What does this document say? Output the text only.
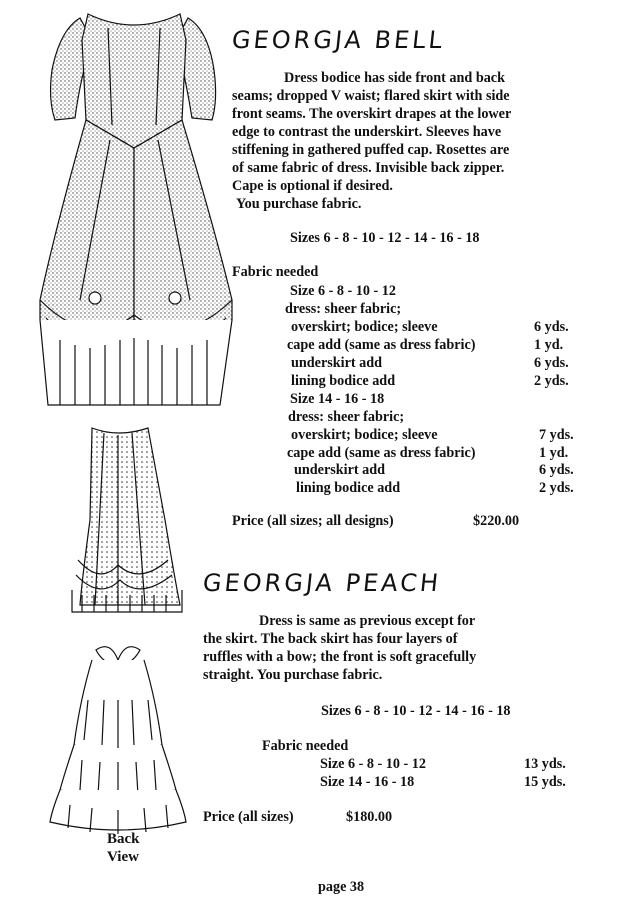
GEORGJA BELL

Dress bodice has side front and back

seams; dropped V waist; flared skirt with side

front seams. The overskirt drapes at the lower

edge to contrast the underskirt. Sleeves have

stiffening in gathered puffed cap. Rosettes are

of same fabric of dress. Invisible back zipper.

Cape is optional if desired.

You purchase fabric.

Sizes 6 - 8 - 10 - 12 - 14 - 16 - 18
Fabric needed
Size 6 - 8 - 10 - 12
dress: sheer fabric;
overskirt; bodice; sleeve	6 yds.
cape add (same as dress fabric)	1 yd.
underskirt add	6 yds.
lining bodice add	2 yds.
Size 14 - 16 - 18
dress: sheer fabric;
overskirt; bodice; sleeve	7 yds.
cape add (same as dress fabric)	1 yd.
underskirt add	6 yds.
lining bodice add	2 yds.
Price (all sizes; all designs)	$220.00
GEORGJA PEACH

Dress is same as previous except for

the skirt. The back skirt has four layers of

ruffles with a bow; the front is soft gracefully

straight. You purchase fabric.

Sizes 6 - 8 - 10 - 12 - 14 - 16 - 18
Fabric needed
Size 6 - 8 - 10 - 12	13 yds.
Size 14 - 16 - 18	15 yds.
Price (all sizes)	$180.00
Back
View
page 38
